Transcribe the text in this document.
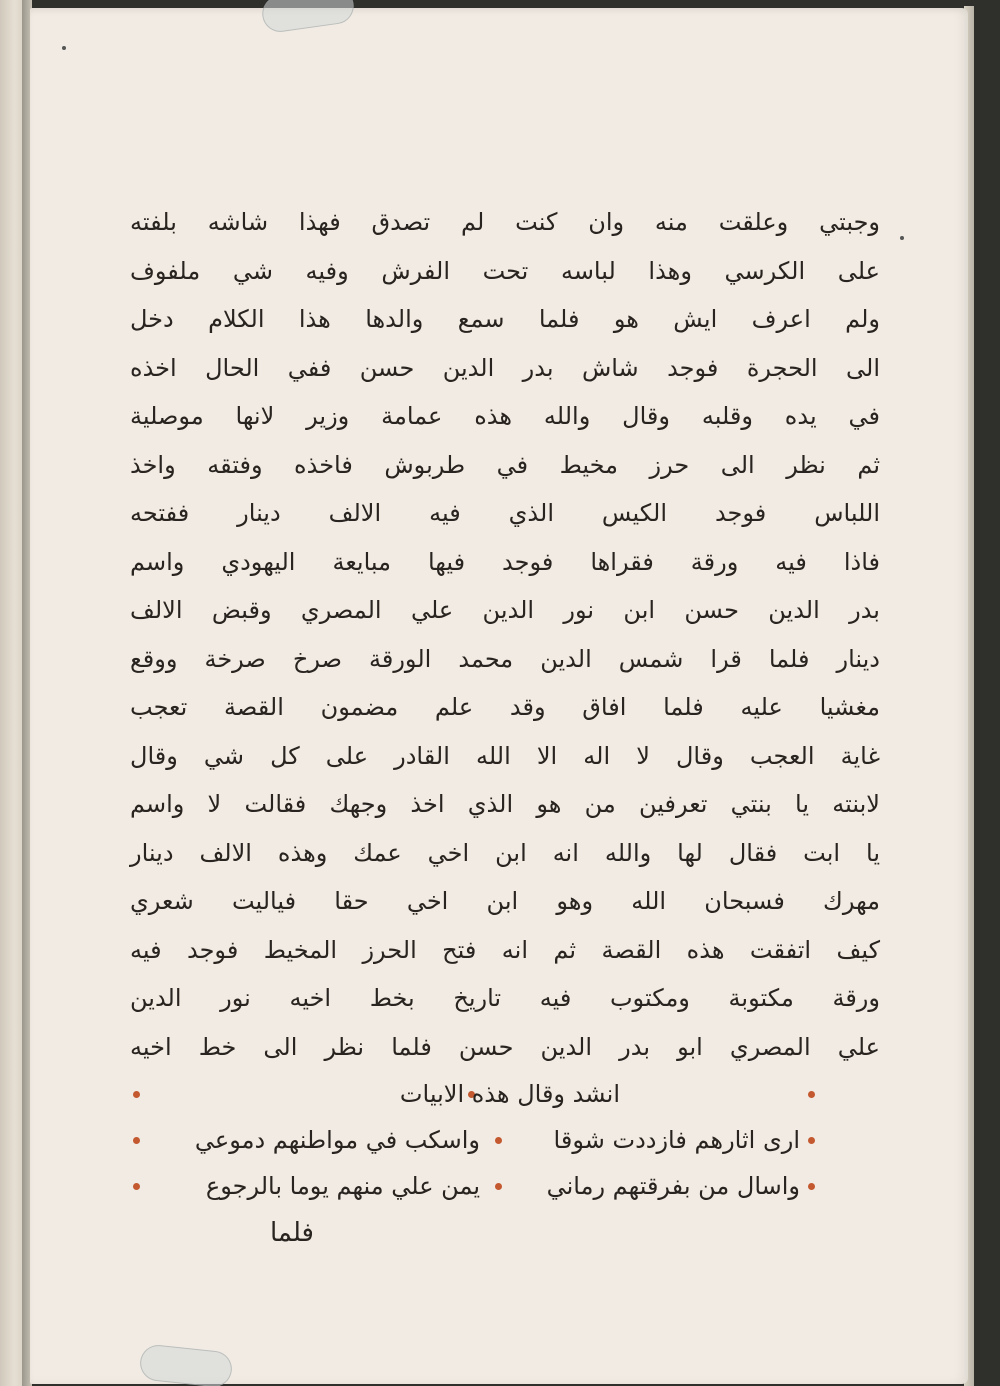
وجبتي وعلقت منه وان كنت لم تصدق فهذا شاشه بلفته
على الكرسي وهذا لباسه تحت الفرش وفيه شي ملفوف
ولم اعرف ايش هو فلما سمع والدها هذا الكلام دخل
الى الحجرة فوجد شاش بدر الدين حسن ففي الحال اخذه
في يده وقلبه وقال والله هذه عمامة وزير لانها موصلية
ثم نظر الى حرز مخيط في طربوش فاخذه وفتقه واخذ
اللباس فوجد الكيس الذي فيه الالف دينار ففتحه
فاذا فيه ورقة فقراها فوجد فيها مبايعة اليهودي واسم
بدر الدين حسن ابن نور الدين علي المصري وقبض الالف
دينار فلما قرا شمس الدين محمد الورقة صرخ صرخة ووقع
مغشيا عليه فلما افاق وقد علم مضمون القصة تعجب
غاية العجب وقال لا اله الا الله القادر على كل شي وقال
لابنته يا بنتي تعرفين من هو الذي اخذ وجهك فقالت لا واسم
يا ابت فقال لها والله انه ابن اخي عمك وهذه الالف دينار
مهرك فسبحان الله وهو ابن اخي حقا فياليت شعري
كيف اتفقت هذه القصة ثم انه فتح الحرز المخيط فوجد فيه
ورقة مكتوبة ومكتوب فيه تاريخ بخط اخيه نور الدين
علي المصري ابو بدر الدين حسن فلما نظر الى خط اخيه
انشد وقال هذه الابيات
ارى اثارهم فازددت شوقا
واسكب في مواطنهم دموعي
واسال من بفرقتهم رماني
يمن علي منهم يوما بالرجوع
فلما
